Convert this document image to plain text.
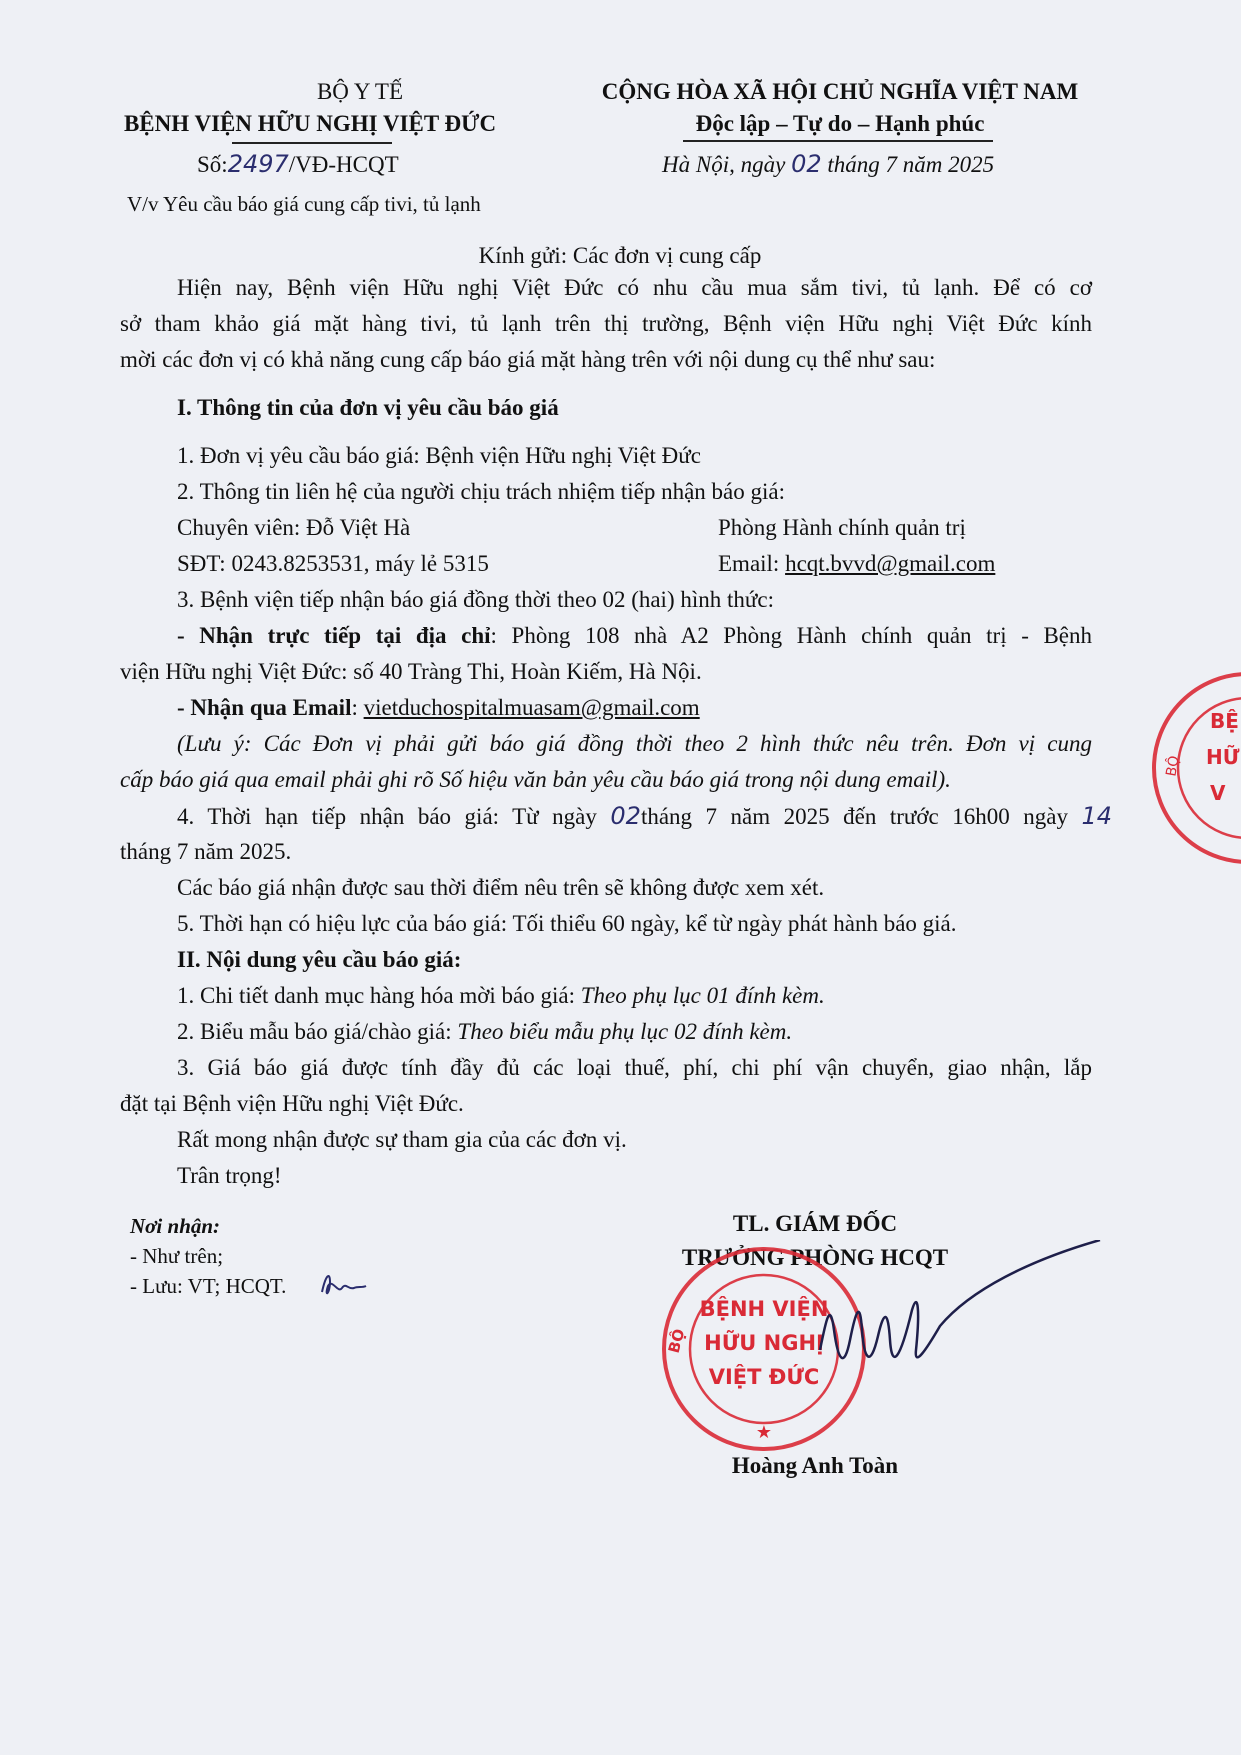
BỘ Y TẾ
BỆNH VIỆN HỮU NGHỊ VIỆT ĐỨC
Số:2497/VĐ-HCQT
V/v Yêu cầu báo giá cung cấp tivi, tủ lạnh
CỘNG HÒA XÃ HỘI CHỦ NGHĨA VIỆT NAM
Độc lập – Tự do – Hạnh phúc
Hà Nội, ngày 02 tháng 7 năm 2025
Kính gửi: Các đơn vị cung cấp
Hiện nay, Bệnh viện Hữu nghị Việt Đức có nhu cầu mua sắm tivi, tủ lạnh. Để có cơ
sở tham khảo giá mặt hàng tivi, tủ lạnh trên thị trường, Bệnh viện Hữu nghị Việt Đức kính
mời các đơn vị có khả năng cung cấp báo giá mặt hàng trên với nội dung cụ thể như sau:
I. Thông tin của đơn vị yêu cầu báo giá
1. Đơn vị yêu cầu báo giá: Bệnh viện Hữu nghị Việt Đức
2. Thông tin liên hệ của người chịu trách nhiệm tiếp nhận báo giá:
Chuyên viên: Đỗ Việt Hà	Phòng Hành chính quản trị
SĐT: 0243.8253531, máy lẻ 5315	Email: hcqt.bvvd@gmail.com
3. Bệnh viện tiếp nhận báo giá đồng thời theo 02 (hai) hình thức:
- Nhận trực tiếp tại địa chỉ: Phòng 108 nhà A2 Phòng Hành chính quản trị - Bệnh
viện Hữu nghị Việt Đức: số 40 Tràng Thi, Hoàn Kiếm, Hà Nội.
- Nhận qua Email: vietduchospitalmuasam@gmail.com
(Lưu ý: Các Đơn vị phải gửi báo giá đồng thời theo 2 hình thức nêu trên. Đơn vị cung
cấp báo giá qua email phải ghi rõ Số hiệu văn bản yêu cầu báo giá trong nội dung email).
4. Thời hạn tiếp nhận báo giá: Từ ngày 02tháng 7 năm 2025 đến trước 16h00 ngày 14
tháng 7 năm 2025.
Các báo giá nhận được sau thời điểm nêu trên sẽ không được xem xét.
5. Thời hạn có hiệu lực của báo giá: Tối thiểu 60 ngày, kể từ ngày phát hành báo giá.
II. Nội dung yêu cầu báo giá:
1. Chi tiết danh mục hàng hóa mời báo giá: Theo phụ lục 01 đính kèm.
2. Biểu mẫu báo giá/chào giá: Theo biểu mẫu phụ lục 02 đính kèm.
3. Giá báo giá được tính đầy đủ các loại thuế, phí, chi phí vận chuyển, giao nhận, lắp
đặt tại Bệnh viện Hữu nghị Việt Đức.
Rất mong nhận được sự tham gia của các đơn vị.
Trân trọng!
Nơi nhận:
- Như trên;
- Lưu: VT; HCQT.
TL. GIÁM ĐỐC
TRƯỞNG PHÒNG HCQT
Hoàng Anh Toàn
★
BỘ
BỆNH VIỆN
HỮU NGHỊ
VIỆT ĐỨC
BỆ
HỮ
V
BỘ
